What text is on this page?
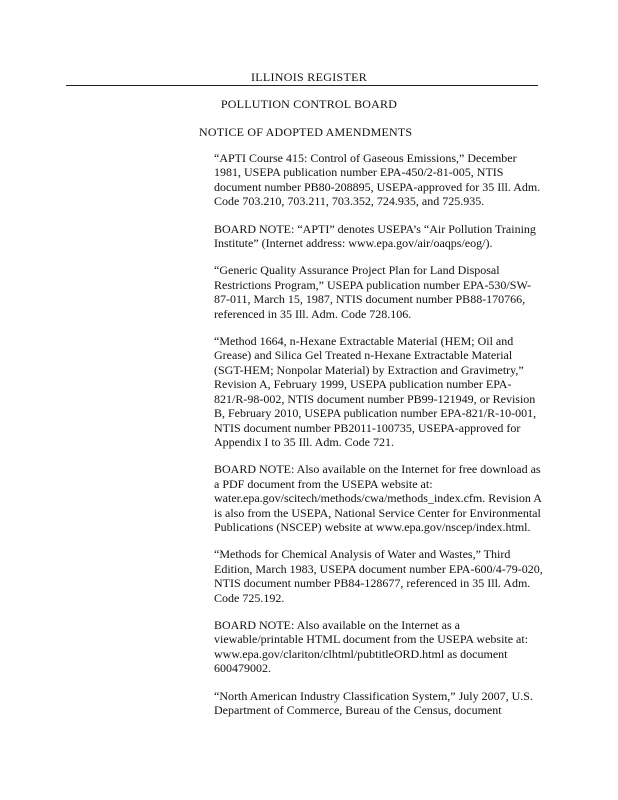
ILLINOIS REGISTER
POLLUTION CONTROL BOARD
NOTICE OF ADOPTED AMENDMENTS

“APTI Course 415: Control of Gaseous Emissions,” December 1981, USEPA publication number EPA-450/2-81-005, NTIS document number PB80-208895, USEPA-approved for 35 Ill. Adm. Code 703.210, 703.211, 703.352, 724.935, and 725.935.

BOARD NOTE: “APTI” denotes USEPA’s “Air Pollution Training Institute” (Internet address: www.epa.gov/air/oaqps/eog/).

“Generic Quality Assurance Project Plan for Land Disposal Restrictions Program,” USEPA publication number EPA-530/SW-87-011, March 15, 1987, NTIS document number PB88-170766, referenced in 35 Ill. Adm. Code 728.106.

“Method 1664, n-Hexane Extractable Material (HEM; Oil and Grease) and Silica Gel Treated n-Hexane Extractable Material (SGT-HEM; Nonpolar Material) by Extraction and Gravimetry,” Revision A, February 1999, USEPA publication number EPA-821/R-98-002, NTIS document number PB99-121949, or Revision B, February 2010, USEPA publication number EPA-821/R-10-001, NTIS document number PB2011-100735, USEPA-approved for Appendix I to 35 Ill. Adm. Code 721.

BOARD NOTE: Also available on the Internet for free download as a PDF document from the USEPA website at: water.epa.gov/scitech/methods/cwa/methods_index.cfm. Revision A is also from the USEPA, National Service Center for Environmental Publications (NSCEP) website at www.epa.gov/nscep/index.html.

“Methods for Chemical Analysis of Water and Wastes,” Third Edition, March 1983, USEPA document number EPA-600/4-79-020, NTIS document number PB84-128677, referenced in 35 Ill. Adm. Code 725.192.

BOARD NOTE: Also available on the Internet as a viewable/printable HTML document from the USEPA website at: www.epa.gov/clariton/clhtml/pubtitleORD.html as document 600479002.

“North American Industry Classification System,” July 2007, U.S. Department of Commerce, Bureau of the Census, document
